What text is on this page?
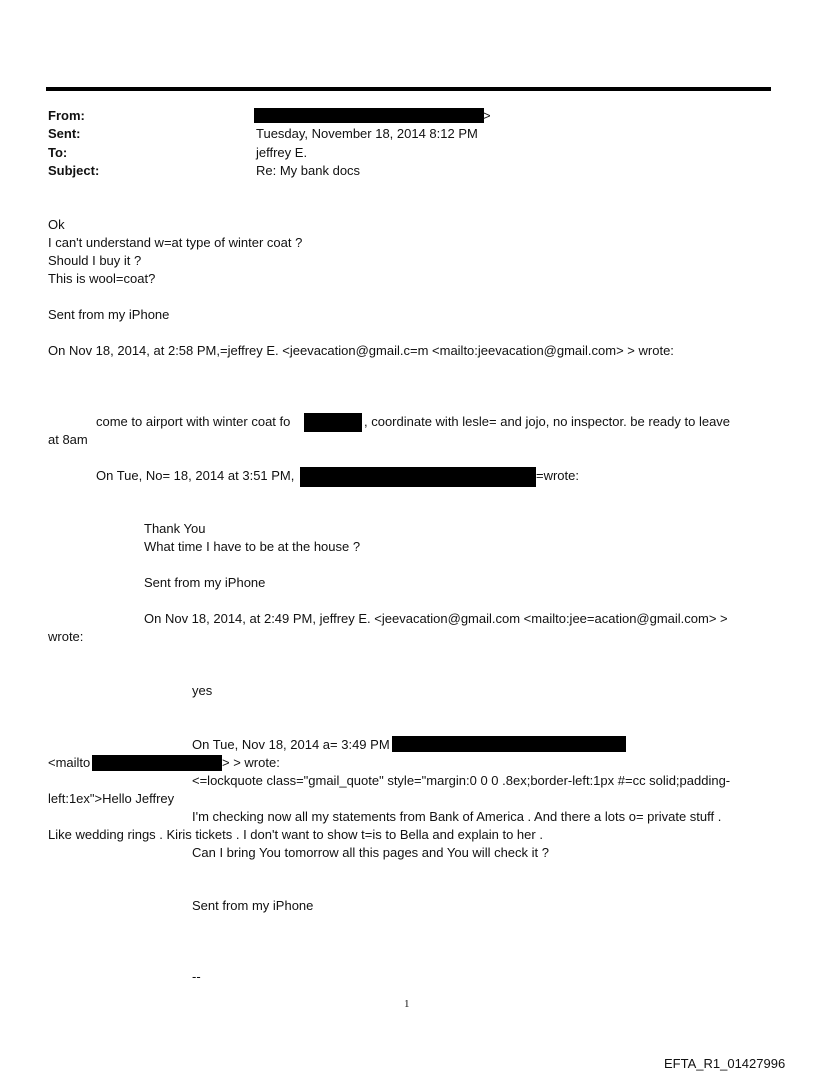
From:	>
Sent:	Tuesday, November 18, 2014 8:12 PM
To:	jeffrey E.
Subject:	Re: My bank docs
Ok
I can't understand w=at type of winter coat ?
Should I buy it ?
This is wool=coat?
Sent from my iPhone
On Nov 18, 2014, at 2:58 PM,=jeffrey E. <jeevacation@gmail.c=m <mailto:jeevacation@gmail.com> > wrote:
come to airport with winter coat fo	, coordinate with lesle= and jojo, no inspector. be ready to leave
at 8am
On Tue, No= 18, 2014 at 3:51 PM,	=wrote:
Thank You
What time I have to be at the house ?
Sent from my iPhone
On Nov 18, 2014, at 2:49 PM, jeffrey E. <jeevacation@gmail.com <mailto:jee=acation@gmail.com> >
wrote:
yes
On Tue, Nov 18, 2014 a= 3:49 PM
<mailto	> > wrote:
<=lockquote class="gmail_quote" style="margin:0 0 0 .8ex;border-left:1px #=cc solid;padding-
left:1ex">Hello Jeffrey
I'm checking now all my statements from Bank of America . And there a lots o= private stuff .
Like wedding rings . Kiris tickets . I don't want to show t=is to Bella and explain to her .
Can I bring You tomorrow all this pages and You will check it ?
Sent from my iPhone
--
1
EFTA_R1_01427996
